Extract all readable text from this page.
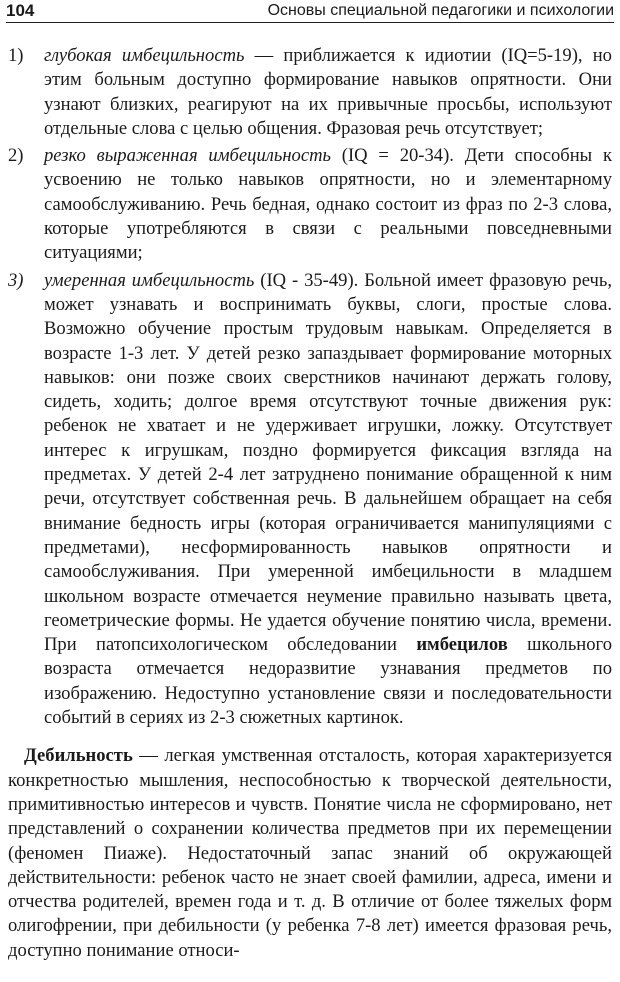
104	Основы специальной педагогики и психологии
1) глубокая имбецильность — приближается к идиотии (IQ=5-19), но этим больным доступно формирование навыков опрятности. Они узнают близких, реагируют на их привычные просьбы, используют отдельные слова с целью общения. Фразовая речь отсутствует;
2) резко выраженная имбецильность (IQ = 20-34). Дети способны к усвоению не только навыков опрятности, но и элементарному самообслуживанию. Речь бедная, однако состоит из фраз по 2-3 слова, которые употребляются в связи с реальными повседневными ситуациями;
3) умеренная имбецильность (IQ - 35-49). Больной имеет фразовую речь, может узнавать и воспринимать буквы, слоги, простые слова. Возможно обучение простым трудовым навыкам. Определяется в возрасте 1-3 лет. У детей резко запаздывает формирование моторных навыков: они позже своих сверстников начинают держать голову, сидеть, ходить; долгое время отсутствуют точные движения рук: ребенок не хватает и не удерживает игрушки, ложку. Отсутствует интерес к игрушкам, поздно формируется фиксация взгляда на предметах. У детей 2-4 лет затруднено понимание обращенной к ним речи, отсутствует собственная речь. В дальнейшем обращает на себя внимание бедность игры (которая ограничивается манипуляциями с предметами), несформированность навыков опрятности и самообслуживания. При умеренной имбецильности в младшем школьном возрасте отмечается неумение правильно называть цвета, геометрические формы. Не удается обучение понятию числа, времени. При патопсихологическом обследовании имбецилов школьного возраста отмечается недоразвитие узнавания предметов по изображению. Недоступно установление связи и последовательности событий в сериях из 2-3 сюжетных картинок.

Дебильность — легкая умственная отсталость, которая характеризуется конкретностью мышления, неспособностью к творческой деятельности, примитивностью интересов и чувств. Понятие числа не сформировано, нет представлений о сохранении количества предметов при их перемещении (феномен Пиаже). Недостаточный запас знаний об окружающей действительности: ребенок часто не знает своей фамилии, адреса, имени и отчества родителей, времен года и т. д. В отличие от более тяжелых форм олигофрении, при дебильности (у ребенка 7-8 лет) имеется фразовая речь, доступно понимание относи-
